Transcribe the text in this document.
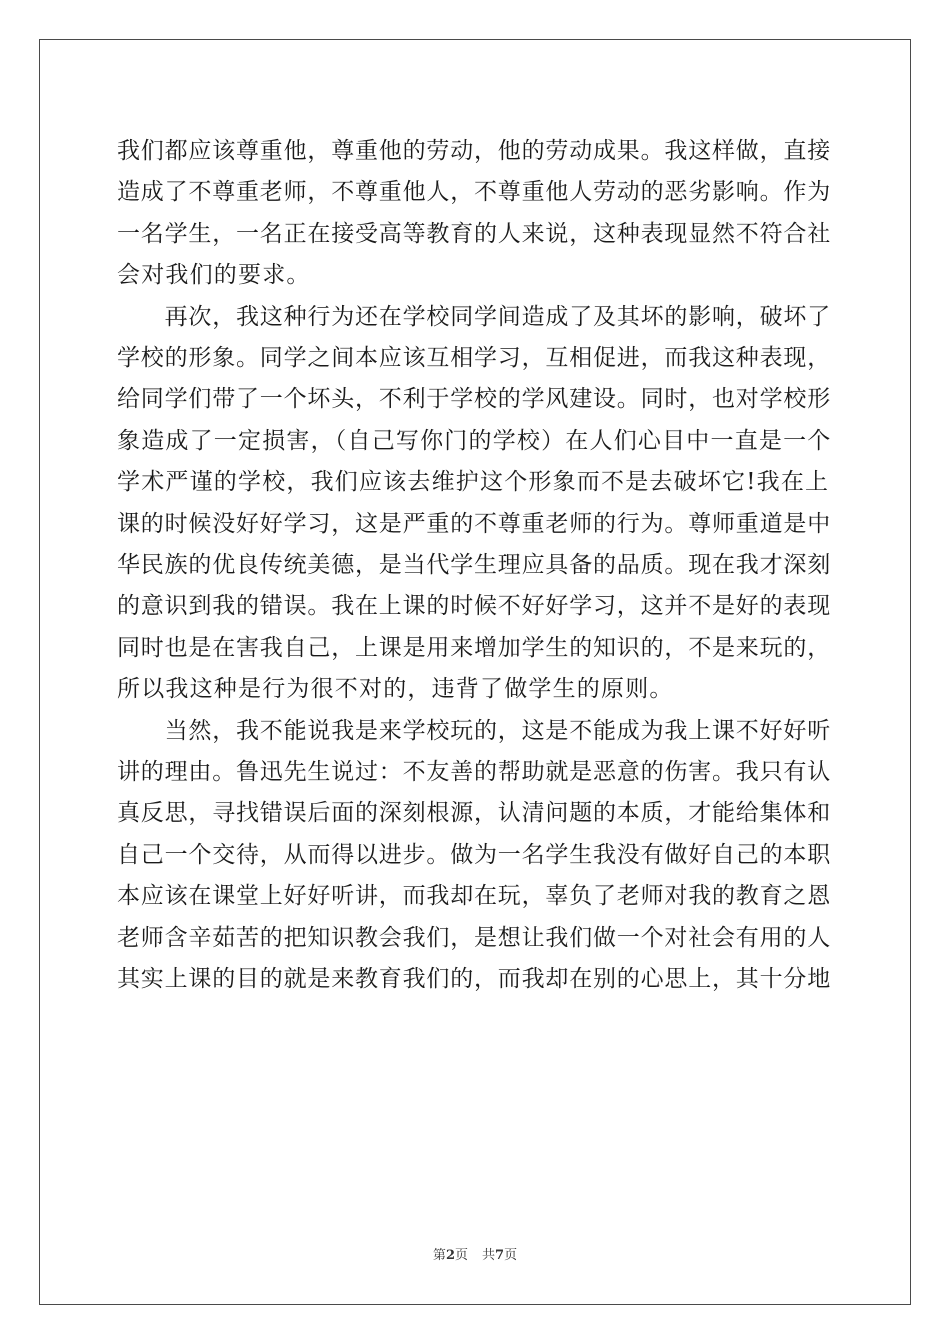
我们都应该尊重他，尊重他的劳动，他的劳动成果。我这样做，直接
造成了不尊重老师，不尊重他人，不尊重他人劳动的恶劣影响。作为
一名学生，一名正在接受高等教育的人来说，这种表现显然不符合社
会对我们的要求。
　　再次，我这种行为还在学校同学间造成了及其坏的影响，破坏了
学校的形象。同学之间本应该互相学习，互相促进，而我这种表现，
给同学们带了一个坏头，不利于学校的学风建设。同时，也对学校形
象造成了一定损害，（自己写你门的学校）在人们心目中一直是一个
学术严谨的学校，我们应该去维护这个形象而不是去破坏它!我在上
课的时候没好好学习，这是严重的不尊重老师的行为。尊师重道是中
华民族的优良传统美德，是当代学生理应具备的品质。现在我才深刻
的意识到我的错误。我在上课的时候不好好学习，这并不是好的表现
同时也是在害我自己，上课是用来增加学生的知识的，不是来玩的，
所以我这种是行为很不对的，违背了做学生的原则。
　　当然，我不能说我是来学校玩的，这是不能成为我上课不好好听
讲的理由。鲁迅先生说过：不友善的帮助就是恶意的伤害。我只有认
真反思，寻找错误后面的深刻根源，认清问题的本质，才能给集体和
自己一个交待，从而得以进步。做为一名学生我没有做好自己的本职
本应该在课堂上好好听讲，而我却在玩，辜负了老师对我的教育之恩
老师含辛茹苦的把知识教会我们，是想让我们做一个对社会有用的人
其实上课的目的就是来教育我们的，而我却在别的心思上，其十分地
第2页 共7页
